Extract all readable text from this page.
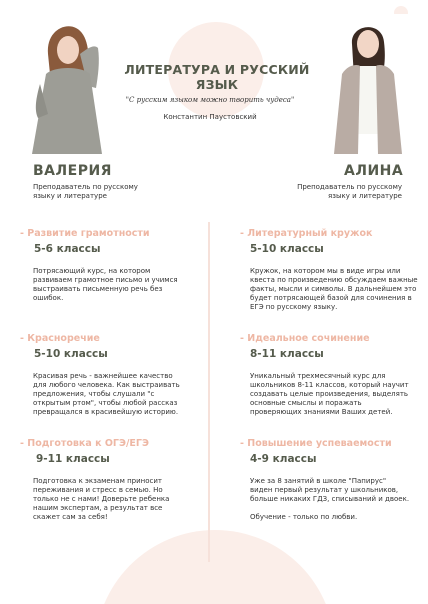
ЛИТЕРАТУРА И РУССКИЙ ЯЗЫК
"С русским языком можно творить чудеса"
Константин Паустовский
ВАЛЕРИЯ
Преподаватель по русскому языку и литературе
АЛИНА
Преподаватель по русскому языку и литературе
- Развитие грамотности
5-6 классы
Потрясающий курс, на котором развиваем грамотное письмо и учимся выстраивать письменную речь без ошибок.
- Красноречие
5-10 классы
Красивая речь - важнейшее качество для любого человека. Как выстраивать предложения, чтобы слушали "с открытым ртом", чтобы любой рассказ превращался в красивейшую историю.
- Подготовка к ОГЭ/ЕГЭ
9-11 классы
Подготовка к экзаменам приносит переживания и стресс в семью. Но только не с нами! Доверьте ребенка нашим экспертам, а результат все скажет сам за себя!
- Литературный кружок
5-10 классы
Кружок, на котором мы в виде игры или квеста по произведению обсуждаем важные факты, мысли и символы. В дальнейшем это будет потрясающей базой для сочинения в ЕГЭ по русскому языку.
- Идеальное сочинение
8-11 классы
Уникальный трехмесячный курс для школьников 8-11 классов, который научит создавать целые произведения, выделять основные смыслы и поражать проверяющих знаниями Ваших детей.
- Повышение успеваемости
4-9 классы
Уже за 8 занятий в школе "Папирус" виден первый результат у школьников, больше никаких ГДЗ, списываний и двоек.

Обучение - только по любви.
